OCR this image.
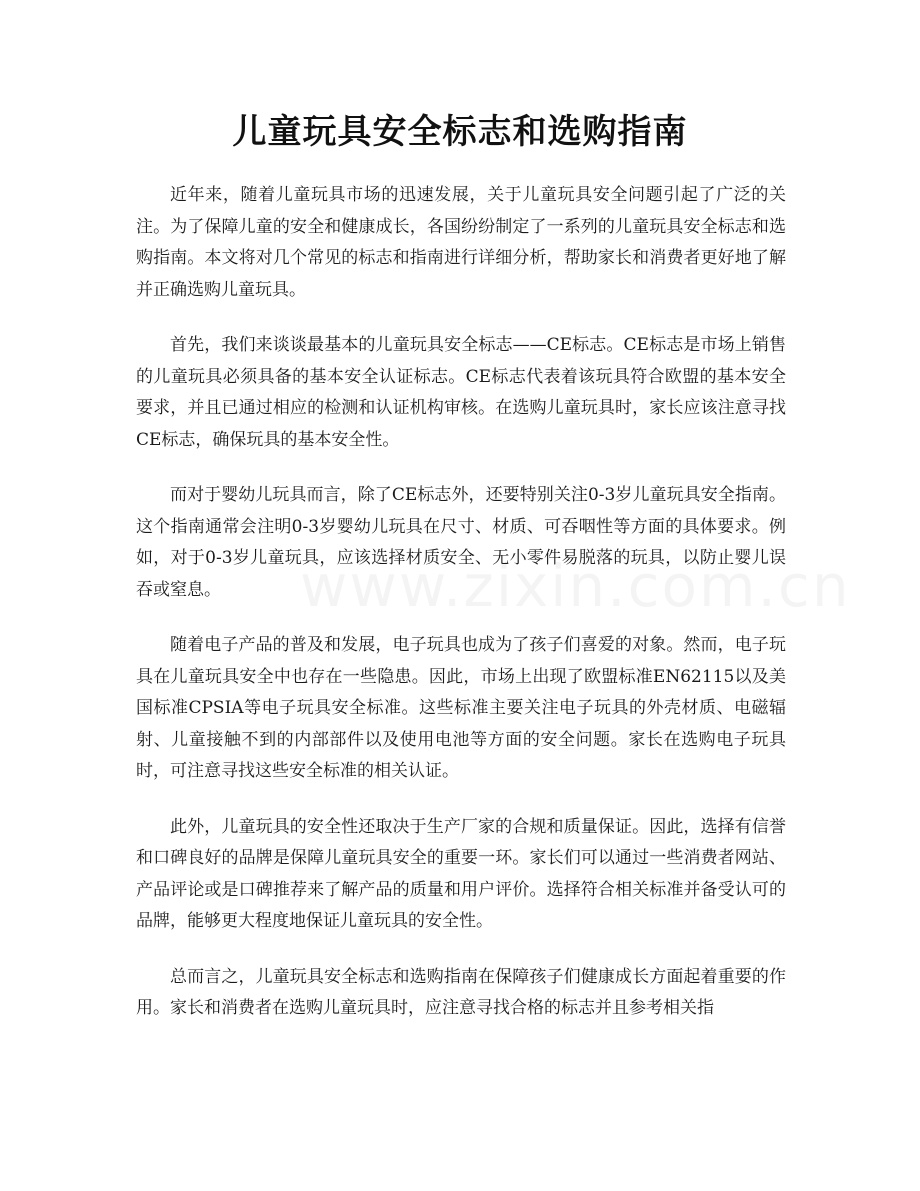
儿童玩具安全标志和选购指南

近年来，随着儿童玩具市场的迅速发展，关于儿童玩具安全问题引起了广泛的关注。为了保障儿童的安全和健康成长，各国纷纷制定了一系列的儿童玩具安全标志和选购指南。本文将对几个常见的标志和指南进行详细分析，帮助家长和消费者更好地了解并正确选购儿童玩具。

首先，我们来谈谈最基本的儿童玩具安全标志——CE标志。CE标志是市场上销售的儿童玩具必须具备的基本安全认证标志。CE标志代表着该玩具符合欧盟的基本安全要求，并且已通过相应的检测和认证机构审核。在选购儿童玩具时，家长应该注意寻找CE标志，确保玩具的基本安全性。

而对于婴幼儿玩具而言，除了CE标志外，还要特别关注0-3岁儿童玩具安全指南。这个指南通常会注明0-3岁婴幼儿玩具在尺寸、材质、可吞咽性等方面的具体要求。例如，对于0-3岁儿童玩具，应该选择材质安全、无小零件易脱落的玩具，以防止婴儿误吞或窒息。

随着电子产品的普及和发展，电子玩具也成为了孩子们喜爱的对象。然而，电子玩具在儿童玩具安全中也存在一些隐患。因此，市场上出现了欧盟标准EN62115以及美国标准CPSIA等电子玩具安全标准。这些标准主要关注电子玩具的外壳材质、电磁辐射、儿童接触不到的内部部件以及使用电池等方面的安全问题。家长在选购电子玩具时，可注意寻找这些安全标准的相关认证。

此外，儿童玩具的安全性还取决于生产厂家的合规和质量保证。因此，选择有信誉和口碑良好的品牌是保障儿童玩具安全的重要一环。家长们可以通过一些消费者网站、产品评论或是口碑推荐来了解产品的质量和用户评价。选择符合相关标准并备受认可的品牌，能够更大程度地保证儿童玩具的安全性。

总而言之，儿童玩具安全标志和选购指南在保障孩子们健康成长方面起着重要的作用。家长和消费者在选购儿童玩具时，应注意寻找合格的标志并且参考相关指
